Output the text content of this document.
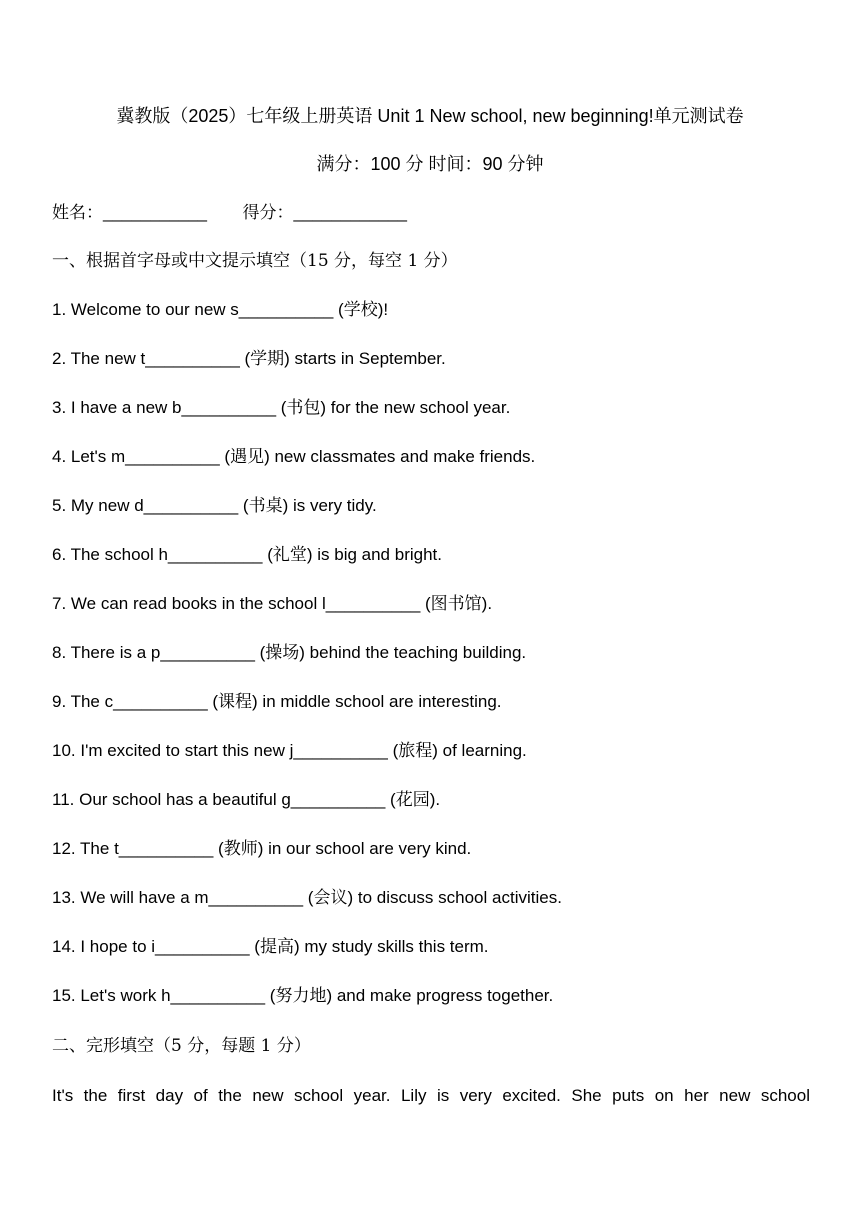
冀教版（2025）七年级上册英语 Unit 1 New school, new beginning!单元测试卷
满分：100 分 时间：90 分钟
姓名：___________ 得分：____________
一、根据首字母或中文提示填空（15 分，每空 1 分）
1. Welcome to our new s__________ (学校)!
2. The new t__________ (学期) starts in September.
3. I have a new b__________ (书包) for the new school year.
4. Let's m__________ (遇见) new classmates and make friends.
5. My new d__________ (书桌) is very tidy.
6. The school h__________ (礼堂) is big and bright.
7. We can read books in the school l__________ (图书馆).
8. There is a p__________ (操场) behind the teaching building.
9. The c__________ (课程) in middle school are interesting.
10. I'm excited to start this new j__________ (旅程) of learning.
11. Our school has a beautiful g__________ (花园).
12. The t__________ (教师) in our school are very kind.
13. We will have a m__________ (会议) to discuss school activities.
14. I hope to i__________ (提高) my study skills this term.
15. Let's work h__________ (努力地) and make progress together.
二、完形填空（5 分，每题 1 分）
It's the first day of the new school year. Lily is very excited. She puts on her new school
